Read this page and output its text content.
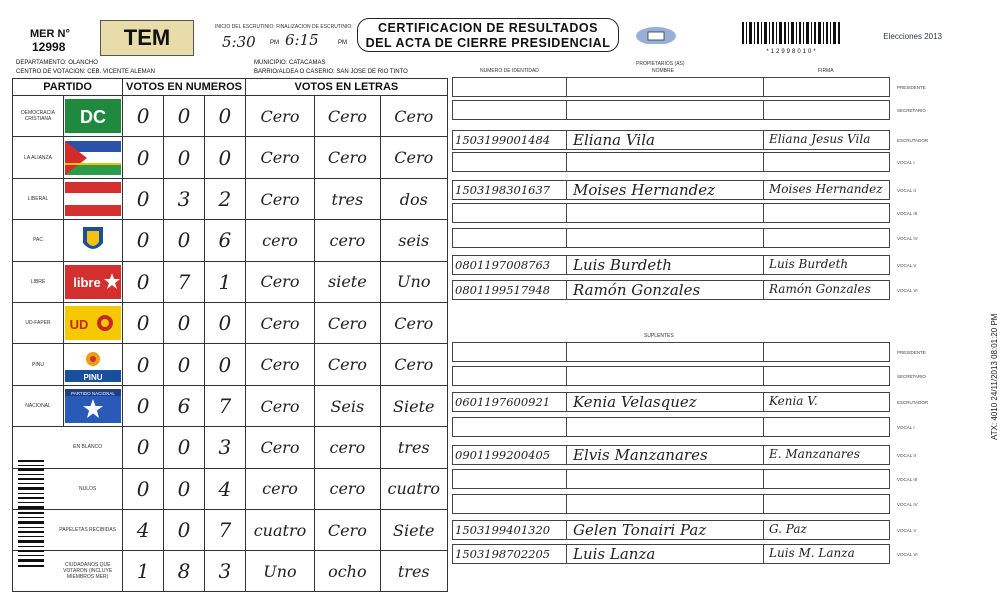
MER N°
12998	TEM	INICIO DEL ESCRUTINIO: FINALIZACION DE ESCRUTINIO:
5:30 PM 6:15	PM
CERTIFICACION DE RESULTADOS
DEL ACTA DE CIERRE PRESIDENCIAL
*12998010*
Elecciones 2013
DEPARTAMENTO: OLANCHO
CENTRO DE VOTACION: CEB. VICENTE ALEMAN
MUNICIPIO: CATACAMAS
BARRIO/ALDEA O CASERIO: SAN JOSE DE RIO TINTO
PARTIDO		VOTOS EN NUMEROS			VOTOS EN LETRAS		
DEMOCRACIA CRISTIANA	DC	0	0	0	Cero	Cero	Cero
LA ALIANZA		0	0	0	Cero	Cero	Cero
LIBERAL		0	3	2	Cero	tres	dos
PAC		0	0	6	cero	cero	seis
LIBRE	libre	0	7	1	Cero	siete	Uno
UD-FAPER	UD	0	0	0	Cero	Cero	Cero
PINU	PINU	0	0	0	Cero	Cero	Cero
NACIONAL	PARTIDO NACIONAL	0	6	7	Cero	Seis	Siete
EN BLANCO		0	0	3	Cero	cero	tres
NULOS		0	0	4	cero	cero	cuatro
PAPELETAS RECIBIDAS		4	0	7	cuatro	Cero	Siete
CIUDADANOS QUE VOTARON (INCLUYE MIEMBROS MER)		1	8	3	Uno	ocho	tres
NUMERO DE IDENTIDAD
PROPIETARIOS (AS)
NOMBRE	FIRMA
SUPLENTES
PRESIDENTE
SECRETARIO
1503199001484 Eliana Vila	Eliana Jesus Vila	ESCRUTADOR
VOCAL I
1503198301637 Moises Hernandez	Moises Hernandez	VOCAL II
VOCAL III
VOCAL IV
0801197008763 Luis Burdeth	Luis Burdeth	VOCAL V
0801199517948 Ramón Gonzales	Ramón Gonzales	VOCAL VI
PRESIDENTE
SECRETARIO
0601197600921 Kenia Velasquez	Kenia V.	ESCRUTADOR
VOCAL I
0901199200405 Elvis Manzanares	E. Manzanares	VOCAL II
VOCAL III
VOCAL IV
1503199401320 Gelen Tonairi Paz	G. Paz	VOCAL V
1503198702205 Luis Lanza	Luis M. Lanza	VOCAL VI
ATX: 4010 24/11/2013 08:01:20 PM
